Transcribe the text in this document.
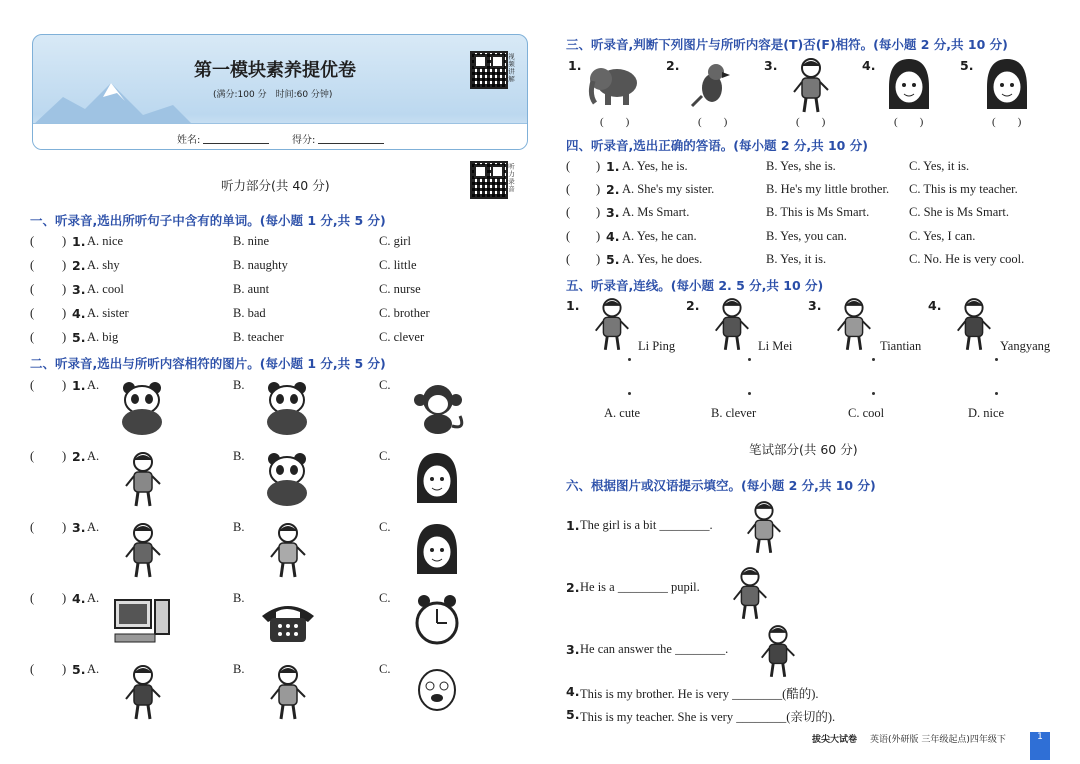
第一模块素养提优卷
(满分:100 分　时间:60 分钟)
姓名:	得分:
视频讲解
听力部分(共 40 分)	听力录音
一、听录音,选出所听句子中含有的单词。(每小题 1 分,共 5 分)
( ) 1. A. nice	B. nine	C. girl
( ) 2. A. shy	B. naughty	C. little
( ) 3. A. cool	B. aunt	C. nurse
( ) 4. A. sister	B. bad	C. brother
( ) 5. A. big	B. teacher	C. clever
二、听录音,选出与所听内容相符的图片。(每小题 1 分,共 5 分)
( ) 1. A.	B.	C.
( ) 2. A.	B.	C.
( ) 3. A.	B.	C.
( ) 4. A.	B.	C.
( ) 5. A.	B.	C.
三、听录音,判断下列图片与所听内容是(T)否(F)相符。(每小题 2 分,共 10 分)
1.
(　　)
2.
(　　)
3.
(　　)
4.
(　　)
5.
(　　)
四、听录音,选出正确的答语。(每小题 2 分,共 10 分)
( ) 1. A. Yes, he is.	B. Yes, she is.	C. Yes, it is.
( ) 2. A. She's my sister.	B. He's my little brother. C. This is my teacher.
( ) 3. A. Ms Smart.	B. This is Ms Smart.	C. She is Ms Smart.
( ) 4. A. Yes, he can.	B. Yes, you can.	C. Yes, I can.
( ) 5. A. Yes, he does.	B. Yes, it is.	C. No. He is very cool.
五、听录音,连线。(每小题 2. 5 分,共 10 分)
1.
Li Ping
A. cute
2.
Li Mei
B. clever
3.
Tiantian
C. cool
4.
Yangyang
D. nice
笔试部分(共 60 分)
六、根据图片或汉语提示填空。(每小题 2 分,共 10 分)
1. The girl is a bit ________.
2. He is a ________ pupil.
3. He can answer the ________.
4. This is my brother. He is very ________(酷的).
5. This is my teacher. She is very ________(亲切的).
拔尖大试卷 英语(外研版 三年级起点)四年级下	1
